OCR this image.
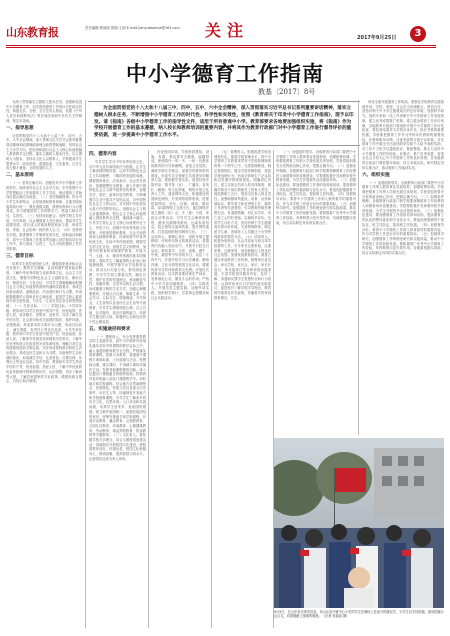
山东教育报	责任编辑:郭丽清 排版:王丽 E-mail:jianyubaohua@163.com	关注	2017年9月25日	3
中小学德育工作指南
教基〔2017〕8号
为全面贯彻党的十八大和十八届三中、四中、五中、六中全会精神，深入贯彻落实习近平总书记系列重要讲话精神，落实立德树人根本任务，不断增强中小学德育工作的时代性、科学性和实效性，按照《教育部关于印发中小学德育工作指南》，现予以印发。请《指南》各级中小学德育工作的指导性文件，适用于所有普通中小学。教育部要求各地要加强组织实施，将《指南》作为学校开展德育工作的基本遵循，纳入校长和教师培训的重要内容，并将其作为教育行政部门对中小学德育工作进行督导评价的重要依据，进一步提高中小学德育工作水平。

为深入贯彻落实立德树人根本任务，加强和改进中小学德育工作，切实提高德育工作的针对性和实效性，构建全员、全程、全方位育人格局，依据《中华人民共和国教育法》等法律法规和中央有关文件精神，制定本指南。

一、指导思想

全面贯彻党的十八大和十八届三中、四中、五中、六中全会精神，深入贯彻习近平总书记系列重要讲话精神和治国理政新理念新思想新战略，坚持社会主义办学方向，把培育和践行社会主义核心价值观融入教育教学全过程，落实立德树人根本任务，以立德树人为根本，坚持以文化人以德育人，不断提高学生思想水平、政治觉悟、道德品质、文化素养，让学生成为德才兼备、全面发展的人才。

二、基本原则

（一）坚持正确方向。加强党对中小学德育工作的领导，始终坚持社会主义办学方向，牢牢把握中小学思想政治工作和德育工作主导权，保证德育工作始终沿着正确方向前进。（二）坚持遵循规律。符合中小学生年龄特点、认知规律和教育规律，注重学段衔接和知行统一，强化道德实践、情感培育和行为习惯养成，努力增强德育工作的吸引力、感染力和针对性、实效性。（三）坚持协同配合。发挥学校主导作用，引导家庭、社会增强育人责任意识，提高对学生道德发展、成长成人的重视程度和参与度，形成学校、家庭、社会协调一致的育人合力。（四）坚持常态开展。推进德育工作制度化常态化，创新途径和载体，将中小学德育工作要求贯穿融入到学校各项日常工作中，努力形成一以贯之、久久为功的德育工作长效机制。

三、德育目标

培养学生爱党爱国爱人民，增强国家意识和社会责任意识，教育学生理解、认同和拥护国家政治制度，了解中华优秀传统文化和革命文化、社会主义先进文化，增强中国特色社会主义道路自信、理论自信、制度自信、文化自信，引导学生准确理解和把握社会主义核心价值观的深刻内涵和实践要求，养成良好政治素质、道德品质、法治意识和行为习惯，形成积极健康的人格和良好心理品质，促进学生核心素养提升和全面发展，为学生一生成长奠定坚实的思想基础。（一）总体目标。（二）学段目标。小学低年级：教育和引导学生热爱中国共产党、热爱祖国、热爱人民，爱亲敬长、爱集体、爱家乡，初步了解生活中的自然、社会常识和有关祖国的知识，保护环境，爱惜资源，养成基本的文明行为习惯，形成自信向上、诚实勇敢、有责任心等良好品质。小学中高年级：教育和引导学生热爱中国共产党、热爱祖国、热爱人民，了解家乡发展变化和国家历史常识，了解中华优秀传统文化和党的光荣革命传统，理解日常生活的道德规范和文明礼貌，初步形成规则意识和民主法治观念，养成良好生活和行为习惯，具备保护生态环境的意识，形成诚实守信、友爱宽容、自尊自律、乐观向上等良好品质。初中学段：教育和引导学生热爱中国共产党、热爱祖国、热爱人民，了解中华民族的优良传统和中国革命的历史，认识国情，初步了解世界大势，了解党和国家的方针政策，增强民族自尊心、自信心和自豪感。

四、德育内容

引导学生学习中华优秀传统文化，以中华人民共和国宪法为依据，让学生了解世情国情党情，认同中国特色社会主义共同理想，了解国家发展的成就，增强国家意识、法治意识、社会责任意识。加强理想信念教育，深入开展中国特色社会主义和中国梦宣传教育，加强党史、国史、改革开放史教育，不断增强学生对中国共产党的认同，对中国特色社会主义的认同，对实现中华民族伟大复兴中国梦的信心。加强社会主义核心价值观教育，把社会主义核心价值观融入国民教育全过程，落细落小落实，引导学生将社会主义核心价值观内化于心，外化于行。加强中华优秀传统文化教育，开展家国情怀教育、社会关爱教育和人格修养教育，传承发展中华优秀传统文化，弘扬中华传统美德，增强学生的文化自信。加强生态文明教育，加强节约教育和环境保护教育，开展大气、土地、水、粮食等资源的基本国情教育，帮助学生了解祖国的大好河山和地理地貌，开展节粮节水节电教育活动，推动实行垃圾分类，倡导绿色消费，引导学生树立尊重自然、顺应自然、保护自然的发展理念，养成勤俭节约、低碳环保、自觉劳动的生活习惯，形成健康文明的生活方式。加强心理健康教育，开展认识自我、尊重生命、学会学习、人际交往、情绪调适、升学择业、人生规划以及适应社会生活等方面教育，引导学生增强调控心理、自主自助、应对挫折、适应环境的能力，培养学生健全的人格、积极的心态和良好的个性心理品质。

五、实施途径和要求

（一）课程育人。充分发挥课堂教学的主渠道作用，将中小学德育内容细化落实到各学科课程的教学目标之中，融入渗透到教育教学全过程。严格落实德育课程。按照义务教育、普通高中课程方案和标准，上好道德与法治、思想政治课，落实课时，不得减少课时或挪作它用。发挥其他课程德育功能，深入挖掘各门课程蕴含的德育资源，将德育内容有机融入到各门课程教学中。用好地方和学校课程。结合地方自然地理特点、民族特色、传统文化以及重大历史事件、历史名人等，因地制宜开发地方和学校德育课程，引导学生了解家乡的历史文化、自然环境、人口状况和发展成就，培养学生爱家乡、爱祖国的感情，树立维护祖国统一、加强民族团结的意识。统筹安排地方和学校课程，开展法治教育、廉洁教育、反邪教教育、文明礼仪教育、环境教育、心理健康教育、劳动教育、毒品预防教育、影视教育等专题教育。（二）文化育人。要依据学校办学理念，结合文明校园创建活动，因地制宜开展校园文化建设，使校园秩序良好、环境优美，校园文化积极向上、格调高雅，提高校园文明水平，让校园处处成为育人场所。

优化校园环境。学校校园建筑、设施、布置、景色要安全健康、温馨舒适，使校园内一草一木、一砖一瓦都体现教育的引导和熏陶。营造文化氛围。凝练学校办学理念，加强学风教风校风建设，形成引导全校师生共同进步的精神力量。要根据学校实际，建设好校史陈列室、图书馆（室）、广播站、宣传栏（橱窗）等文化阵地，网络开展文化育人工作。建设网络文化。积极建设校园绿色网络，开发网络德育资源，搭建校园网站、论坛、信箱、博客、微信群、QQ群等网上交流平台，通过网络开展主题班（队）会、冬（夏）令营、家校互动等活动，引导学生合理使用网络，避免沉溺网络游戏，远离有害信息，防止网络沉迷和伤害，提升网络素养，打造清朗的校园网络文化。（三）活动育人。要精心设计、组织开展主题鲜明、体现时代特点的教育活动，将德育内容融入到活动中。开展节日纪念日活动，利用春节、元宵、清明、端午、中秋、重阳等中华传统节日，以及二十四节气，开展介绍节日历史渊源、精神内涵、文化习俗等校园文化活动，增强传统节日的体验感和文化感。开展仪式教育活动，仪式教育要体现庄严神圣，发挥润化心灵、激发斗志的作用。严格中小学升挂国旗制度。（四）实践育人。开展各类主题实践、加强劳动实践、组织研学旅行、学雷锋志愿服务和社会实践活动。

（五）管理育人。积极推进学校治理现代化，提高学校管理水平，将中小学德育工作的要求贯穿于学校管理制度的每一个细节之中。完善管理制度。制定校规校纪，健全学校管理制度，规范学校治理行为，形成全体师生广泛认同和自觉遵守的制度规范。明确岗位责任。建立实现全员育人的具体制度，明确学校各个岗位教职员工的育人责任，规范教职工言行，提高全员育人的自觉性。加强师德师风建设。培育、宣传师德标兵、教学骨干和优秀班主任、德育工作者等先进典型，引导教师争做有理想信念、有道德情操、有扎实学识、有仁爱之心的好老师。实施科学评价。完善学生评价方式，营造有利于学生健康成长的评价环境。关爱特殊群体。制定留守儿童、进城务工人员随迁子女等特殊群体的帮扶办法。（六）协同育人。积极争取家庭、社会共同参与和支持学校德育工作，引导家长注重家庭、注重家教、注重家风，营造积极向上的良好社会氛围。加强家庭教育指导。要建立健全家庭教育工作机制，统筹家长委员会、家长学校、家长会、家访、家长开放日、家长接待日等各种家校沟通渠道，丰富学校指导服务内容，及时了解、沟通和反馈学生思想状况和行为表现，认真听取家长对学校的意见和建议，促进家长了解学校办学理念、教育教学改革及有关政策，传播科学的家庭教育理念、方法。

（一）加强组织领导。各级教育行政部门要把中小学德育工作纳入教育事业发展规划，加强统筹协调。学校要把德育工作纳入学校发展总体规划，学校党组织要充分发挥政治核心作用，把握正确方向。（二）加强条件保障。各级教育行政部门和学校要保障德育工作经费投入和德育场所设施建设。学校要积极开发和利用校外教育资源，为学生开展校外活动提供场所。（三）加强队伍建设。要加强德育工作者的培养和培训，提高德育工作队伍的整体素质和专业化水平。要选优配强德育干部队伍、班主任队伍，提高班主任待遇。（四）加强督导评价。要将中小学德育工作纳入教育督导的重要内容，作为对学校工作进行评价的重要指标。（五）加强科学研究。加强德育工作的理论研究和实践探索，推动中小学德育工作的创新发展。要积极推广优秀中小学德育工作经验，发挥典型示范引领作用。各地要根据本指南，结合实际制定具体的实施办法。

形成全面开展德育工作格局。要强化学校教育实践基地作用，学校、家庭、社会应当协调配合，密切合作，营造有利于中小学生健康成长的良好环境。加强科学研究。组织专家和一线工作者研究中小学德育工作发展规律，建立优秀成果推广机制。建立健全德育工作评价机制，各地教育行政部门要组织开展中小学德育工作评估检查，将检查结果作为学校评优评先、校长考核的重要依据。学校要把德育工作作为考核评价教师的重要指标，在教师职务评聘、评优奖励等方面予以体现。对在德育工作中做出突出成绩的单位和个人给予表彰奖励，对工作不力的予以通报批评，督促整改。要大力宣传中小学德育工作的好经验、好做法，推广优秀成果，营造全社会共同关心中小学德育工作的良好氛围。各省级教育行政部门要依据本指南，结合本地实际，研究制定具体实施办法，推动德育工作落到实处。

六、组织实施

（一）加强组织领导。各级教育行政部门要把中小学德育工作纳入教育事业发展规划，加强统筹协调。学校要把德育工作纳入学校发展总体规划，学校党组织要充分发挥政治核心作用，把握正确方向。（二）加强条件保障。各级教育行政部门和学校要保障德育工作经费投入和德育场所设施建设。学校要积极开发和利用校外教育资源，为学生开展校外活动提供场所。（三）加强队伍建设。要加强德育工作者的培养和培训，提高德育工作队伍的整体素质和专业化水平。要选优配强德育干部队伍、班主任队伍，提高班主任待遇。（四）加强督导评价。要将中小学德育工作纳入教育督导的重要内容，作为对学校工作进行评价的重要指标。（五）加强科学研究。加强德育工作的理论研究和实践探索，推动中小学德育工作的创新发展。要积极推广优秀中小学德育工作经验，发挥典型示范引领作用。各地要根据本指南，结合实际制定具体的实施办法。

9月5日，在山东省日照市莒县，岚山区高兴镇中心小学的学生在操场上参加升国旗仪式，小学生们手持国旗，面向国旗行注目礼，向国旗献上深深的敬意。（记者 郭丽清 摄）
